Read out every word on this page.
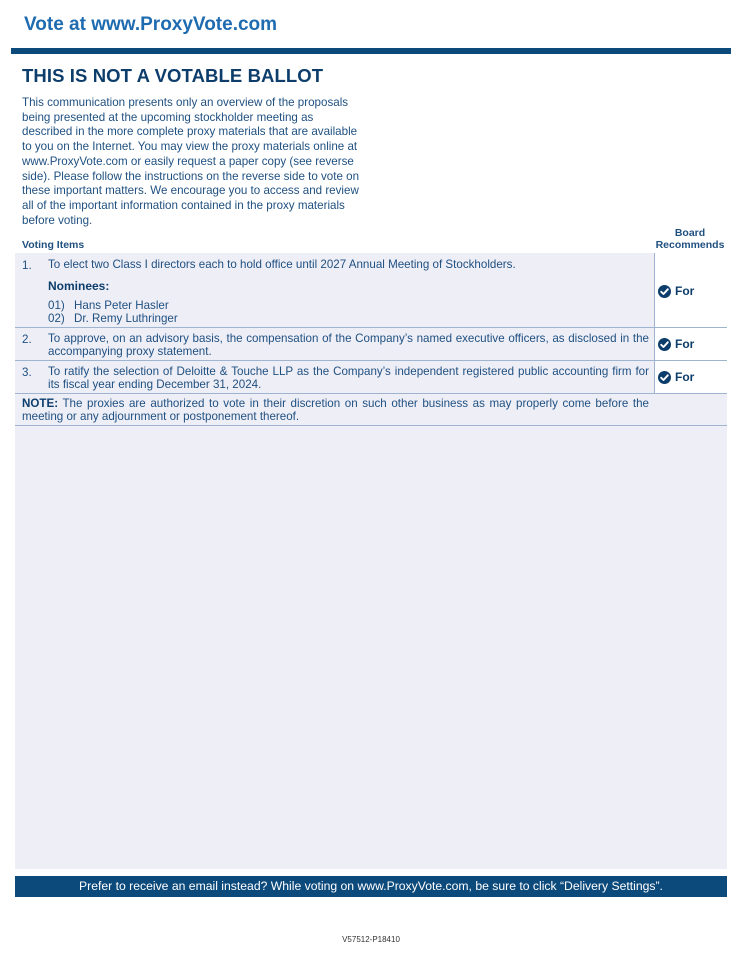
Vote at www.ProxyVote.com
THIS IS NOT A VOTABLE BALLOT
This communication presents only an overview of the proposals being presented at the upcoming stockholder meeting as described in the more complete proxy materials that are available to you on the Internet. You may view the proxy materials online at www.ProxyVote.com or easily request a paper copy (see reverse side). Please follow the instructions on the reverse side to vote on these important matters. We encourage you to access and review all of the important information contained in the proxy materials before voting.
Voting Items
Board
Recommends
1. To elect two Class I directors each to hold office until 2027 Annual Meeting of Stockholders.
Nominees:
01) Hans Peter Hasler
02) Dr. Remy Luthringer
For
2. To approve, on an advisory basis, the compensation of the Company’s named executive officers, as disclosed in the accompanying proxy statement.	For
3. To ratify the selection of Deloitte & Touche LLP as the Company’s independent registered public accounting firm for its fiscal year ending December 31, 2024.	For
NOTE: The proxies are authorized to vote in their discretion on such other business as may properly come before the meeting or any adjournment or postponement thereof.
Prefer to receive an email instead? While voting on www.ProxyVote.com, be sure to click “Delivery Settings”.
V57512-P18410
